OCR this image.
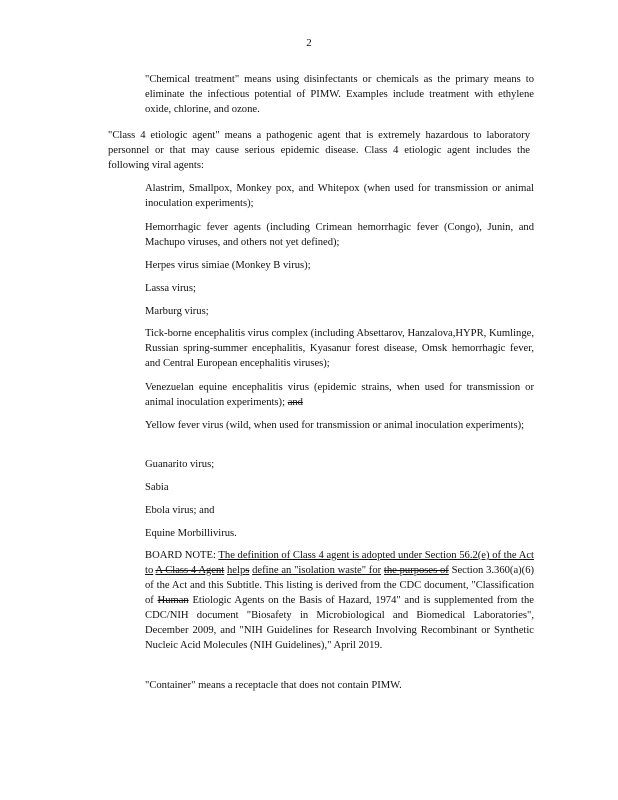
2
"Chemical treatment" means using disinfectants or chemicals as the primary means to eliminate the infectious potential of PIMW. Examples include treatment with ethylene oxide, chlorine, and ozone.
"Class 4 etiologic agent" means a pathogenic agent that is extremely hazardous to laboratory personnel or that may cause serious epidemic disease. Class 4 etiologic agent includes the following viral agents:
Alastrim, Smallpox, Monkey pox, and Whitepox (when used for transmission or animal inoculation experiments);
Hemorrhagic fever agents (including Crimean hemorrhagic fever (Congo), Junin, and Machupo viruses, and others not yet defined);
Herpes virus simiae (Monkey B virus);
Lassa virus;
Marburg virus;
Tick-borne encephalitis virus complex (including Absettarov, Hanzalova,HYPR, Kumlinge, Russian spring-summer encephalitis, Kyasanur forest disease, Omsk hemorrhagic fever, and Central European encephalitis viruses);
Venezuelan equine encephalitis virus (epidemic strains, when used for transmission or animal inoculation experiments); and
Yellow fever virus (wild, when used for transmission or animal inoculation experiments);
Guanarito virus;
Sabia
Ebola virus; and
Equine Morbillivirus.
BOARD NOTE: The definition of Class 4 agent is adopted under Section 56.2(e) of the Act to A Class 4 Agent helps define an "isolation waste" for the purposes of Section 3.360(a)(6) of the Act and this Subtitle. This listing is derived from the CDC document, "Classification of Human Etiologic Agents on the Basis of Hazard, 1974" and is supplemented from the CDC/NIH document "Biosafety in Microbiological and Biomedical Laboratories", December 2009, and "NIH Guidelines for Research Involving Recombinant or Synthetic Nucleic Acid Molecules (NIH Guidelines)," April 2019.
"Container" means a receptacle that does not contain PIMW.
